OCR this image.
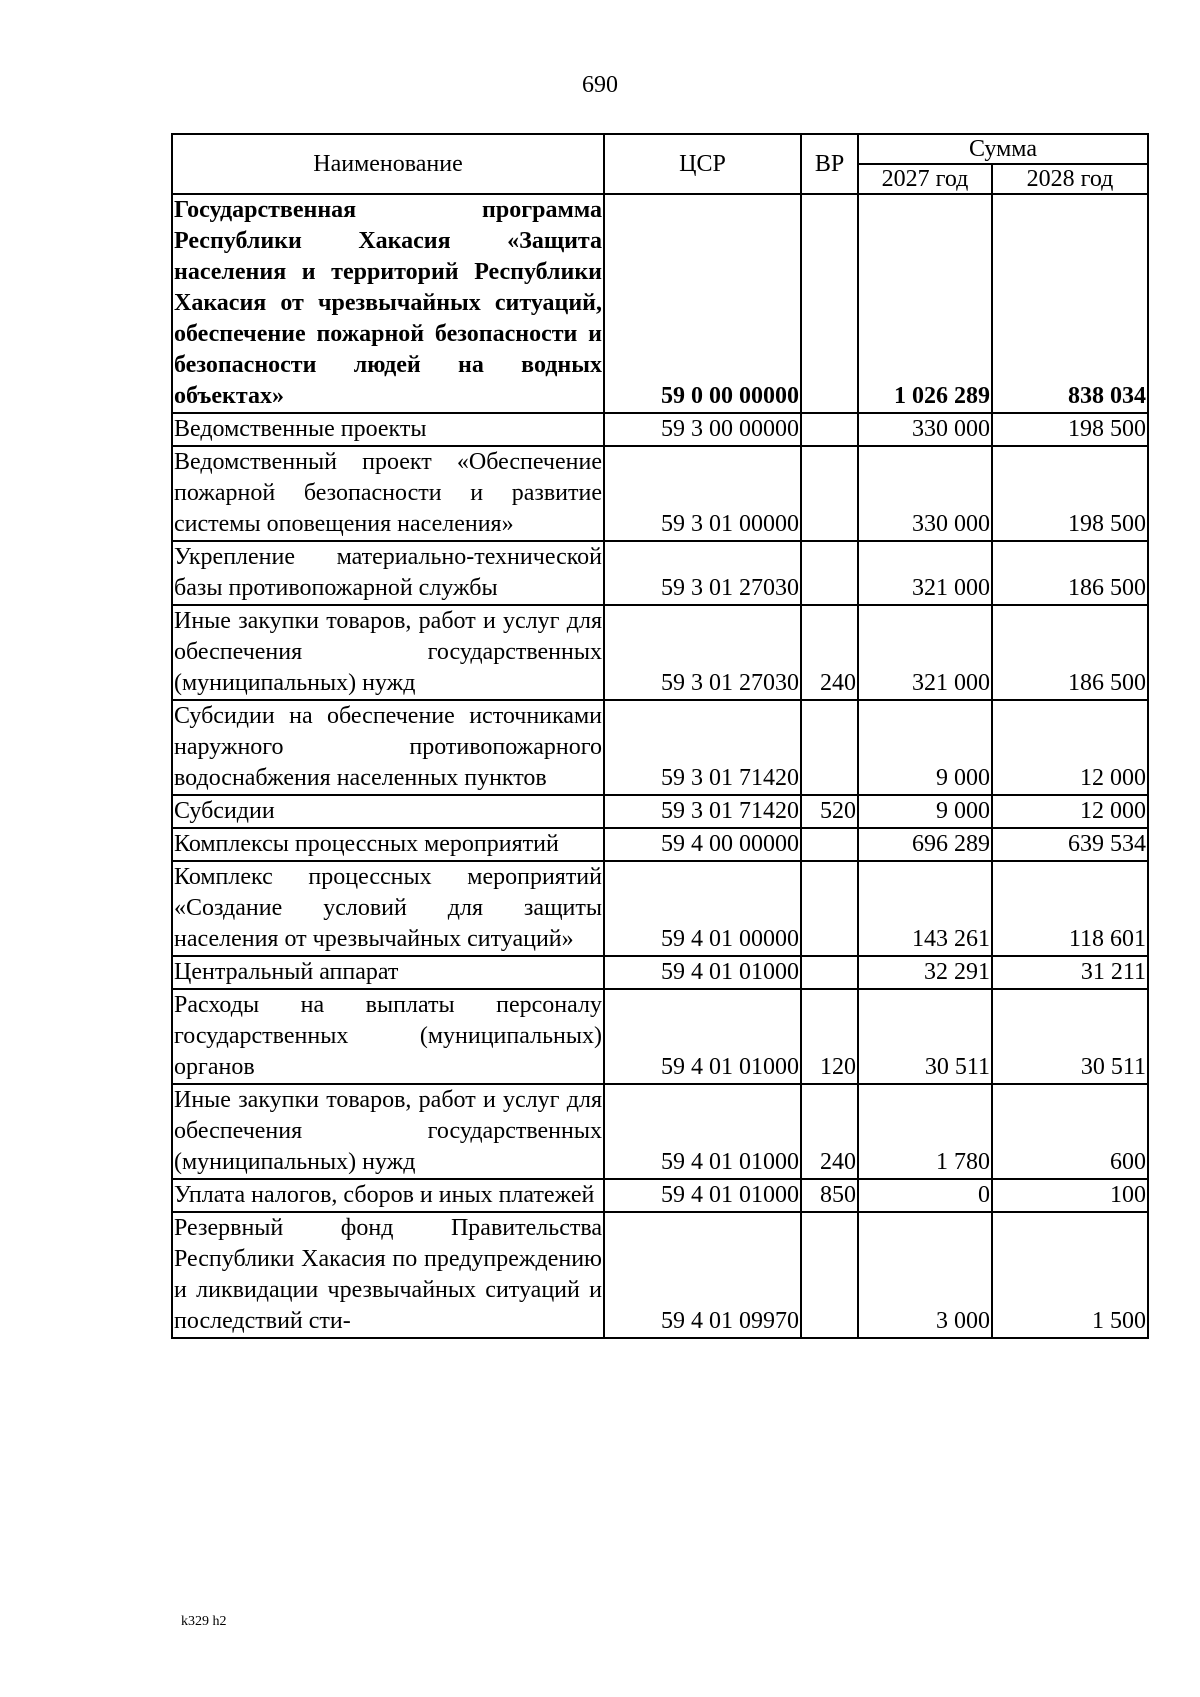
690
Наименование	ЦСР	ВР	Сумма	
			2027 год	2028 год
Государственная программа Республики Хакасия «Защита населения и территорий Республики Хакасия от чрезвычайных ситуаций, обеспечение пожарной безопасности и безопасности людей на водных объектах»	59 0 00 00000		1 026 289	838 034
Ведомственные проекты	59 3 00 00000		330 000	198 500
Ведомственный проект «Обеспечение пожарной безопасности и развитие системы оповещения населения»	59 3 01 00000		330 000	198 500
Укрепление материально-технической базы противопожарной службы	59 3 01 27030		321 000	186 500
Иные закупки товаров, работ и услуг для обеспечения государственных (муниципальных) нужд	59 3 01 27030	240	321 000	186 500
Субсидии на обеспечение источниками наружного противопожарного водоснабжения населенных пунктов	59 3 01 71420		9 000	12 000
Субсидии	59 3 01 71420	520	9 000	12 000
Комплексы процессных мероприятий	59 4 00 00000		696 289	639 534
Комплекс процессных мероприятий «Создание условий для защиты населения от чрезвычайных ситуаций»	59 4 01 00000		143 261	118 601
Центральный аппарат	59 4 01 01000		32 291	31 211
Расходы на выплаты персоналу государственных (муниципальных) органов	59 4 01 01000	120	30 511	30 511
Иные закупки товаров, работ и услуг для обеспечения государственных (муниципальных) нужд	59 4 01 01000	240	1 780	600
Уплата налогов, сборов и иных платежей	59 4 01 01000	850	0	100
Резервный фонд Правительства Республики Хакасия по предупреждению и ликвидации чрезвычайных ситуаций и последствий сти-	59 4 01 09970		3 000	1 500
k329 h2
